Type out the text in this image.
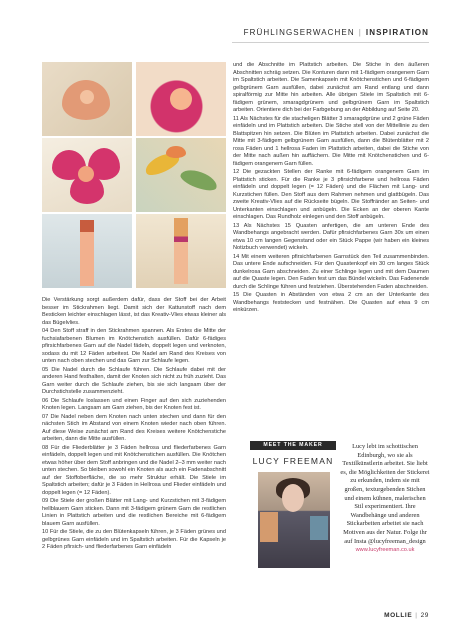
FRÜHLINGSERWACHEN | INSPIRATION

Die Verstärkung sorgt außerdem dafür, dass der Stoff bei der Arbeit besser im Stickrahmen liegt. Damit sich der Kattunstoff nach dem Besticken leichter einschlagen lässt, ist das Kreativ-Vlies etwas kleiner als das Bügelvlies.

04 Den Stoff straff in den Stickrahmen spannen. Als Erstes die Mitte der fuchsiafarbenen Blumen im Knötchenstich ausfüllen. Dafür 6-fädiges pfirsichfarbenes Garn auf die Nadel fädeln, doppelt legen und verknoten, sodass du mit 12 Fäden arbeitest. Die Nadel am Rand des Kreises von unten nach oben stechen und das Garn zur Schlaufe legen.

05 Die Nadel durch die Schlaufe führen. Die Schlaufe dabei mit der anderen Hand festhalten, damit der Knoten sich nicht zu früh zuzieht. Das Garn weiter durch die Schlaufe ziehen, bis sie sich langsam über der Durchstichstelle zusammenzieht.

06 Die Schlaufe loslassen und einen Finger auf den sich zuziehenden Knoten legen. Langsam am Garn ziehen, bis der Knoten fest ist.

07 Die Nadel neben dem Knoten nach unten stechen und dann für den nächsten Stich im Abstand von einem Knoten wieder nach oben führen. Auf diese Weise zunächst am Rand des Kreises weitere Knötchenstiche arbeiten, dann die Mitte ausfüllen.

08 Für die Fliederblätter je 3 Fäden hellrosa und fliederfarbenes Garn einfädeln, doppelt legen und mit Knötchenstichen ausfüllen. Die Knötchen etwas höher über dem Stoff anbringen und die Nadel 2–3 mm weiter nach unten stechen. So bleiben sowohl ein Knoten als auch ein Fadenabschnitt auf der Stoffoberfläche, die so mehr Struktur erhält. Die Stiele im Spaltstich arbeiten; dafür je 3 Fäden in Hellrosa und Flieder einfädeln und doppelt legen (= 12 Fäden).

09 Die Stiele der großen Blätter mit Lang- und Kurzstichen mit 3-fädigem hellblauem Garn sticken. Dann mit 3-fädigem grünem Garn die restlichen Linien in Plattstich arbeiten und die restlichen Bereiche mit 6-fädigem blauem Garn ausfüllen.

10 Für die Stiele, die zu den Blütenkapseln führen, je 3 Fäden grünes und gelbgrünes Garn einfädeln und im Spaltstich arbeiten. Für die Kapseln je 2 Fäden pfirsich- und fliederfarbenes Garn einfädeln

und die Abschnitte im Plattstich arbeiten. Die Stiche in den äußeren Abschnitten schräg setzen. Die Konturen dann mit 1-fädigem orangenem Garn im Spaltstich arbeiten. Die Samenkapseln mit Knötchenstichen und 6-fädigem gelbgrünem Garn ausfüllen, dabei zunächst am Rand entlang und dann spiralförmig zur Mitte hin arbeiten. Alle übrigen Stiele im Spaltstich mit 6-fädigem grünem, smaragdgrünem und gelbgrünem Garn im Spaltstich arbeiten. Orientiere dich bei der Farbgebung an der Abbildung auf Seite 20.

11 Als Nächstes für die stacheligen Blätter 3 smaragdgrüne und 2 grüne Fäden einfädeln und im Plattstich arbeiten. Die Stiche stell von der Mittellinie zu den Blattspitzen hin setzen. Die Blüten im Plattstich arbeiten. Dabei zunächst die Mitte mit 3-fädigem gelbgrünem Garn ausfüllen, dann die Blütenblätter mit 2 rosa Fäden und 1 hellrosa Faden im Plattstich arbeiten, dabei die Stiche von der Mitte nach außen hin auffächern. Die Mitte mit Knötchenstichen und 6-fädigem orangenem Garn füllen.

12 Die gezackten Stellen der Ranke mit 6-fädigem orangenem Garn im Plattstich sticken. Für die Ranke je 3 pfirsichfarbene und hellrosa Fäden einfädeln und doppelt legen (= 12 Fäden) und die Flächen mit Lang- und Kurzstichen füllen. Den Stoff aus dem Rahmen nehmen und glattbügeln. Das zweite Kreativ-Vlies auf die Rückseite bügeln. Die Stoffränder an Seiten- und Unterkanten einschlagen und anbügeln. Die Ecken an der oberen Kante einschlagen. Das Rundholz einlegen und den Stoff anbügeln.

13 Als Nächstes 15 Quasten anfertigen, die am unteren Ende des Wandbehangs angebracht werden. Dafür pfirsichfarbenes Garn 30x um einen etwa 10 cm langen Gegenstand oder ein Stück Pappe (wir haben ein kleines Notizbuch verwendet) wickeln.

14 Mit einem weiteren pfirsichfarbenen Garnstück den Teil zusammenbinden. Das untere Ende aufschneiden. Für den Quastenkopf ein 30 cm langes Stück dunkelrosa Garn abschneiden. Zu einer Schlinge legen und mit dem Daumen auf die Quaste legen. Den Faden fest um das Bündel wickeln. Das Fadenende durch die Schlinge führen und festziehen. Überstehenden Faden abschneiden.

15 Die Quasten in Abständen von etwa 2 cm an der Unterkante des Wandbehangs feststecken und festnähen. Die Quasten auf etwa 9 cm einkürzen.

MEET THE MAKER
LUCY FREEMAN
Lucy lebt im schottischen Edinburgh, wo sie als Textilkünstlerin arbeitet. Sie liebt es, die Möglichkeiten der Stickerei zu erkunden, indem sie mit großen, texturgebenden Stichen und einem kühnen, malerischen Stil experimentiert. Ihre Wandbehänge und anderen Stickarbeiten arbeitet sie nach Motiven aus der Natur. Folge ihr auf Insta @lucyfreeman_design
www.lucyfreeman.co.uk
MOLLIE | 29
